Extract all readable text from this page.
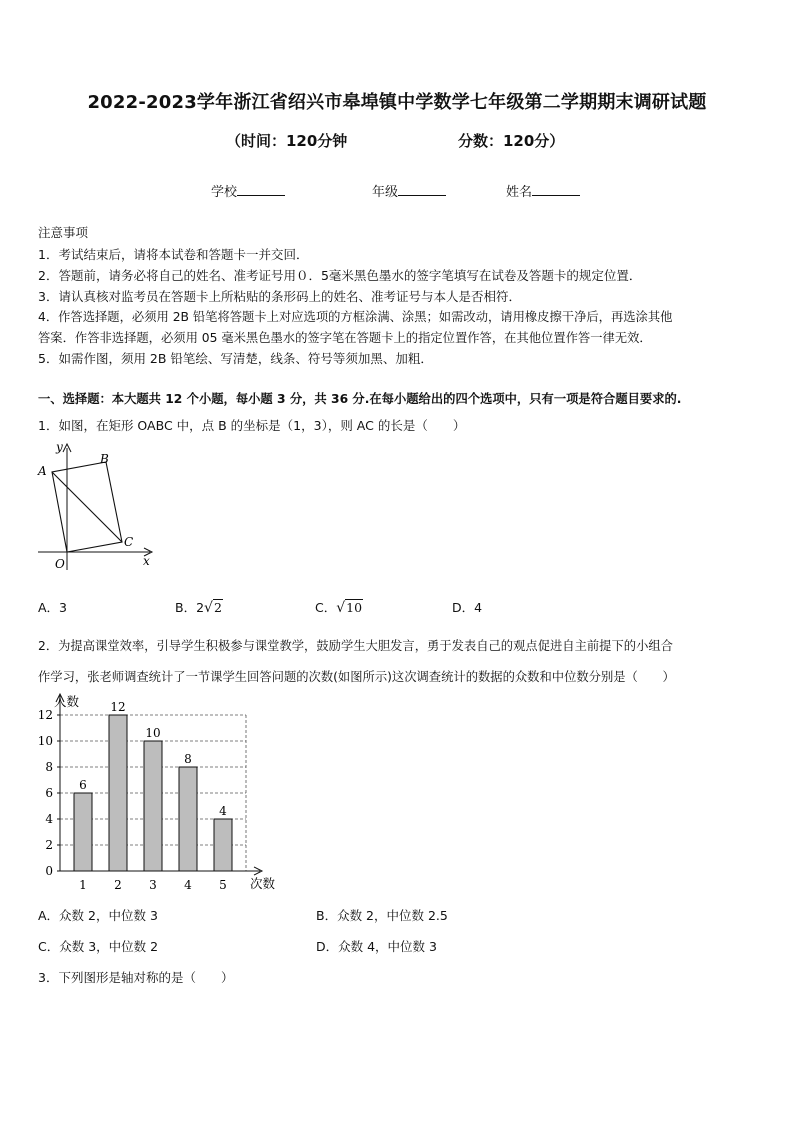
2022-2023学年浙江省绍兴市皋埠镇中学数学七年级第二学期期末调研试题
（时间：120分钟	分数：120分）
学校	年级	姓名
注意事项
1．考试结束后，请将本试卷和答题卡一并交回．
2．答题前，请务必将自己的姓名、准考证号用０．5毫米黑色墨水的签字笔填写在试卷及答题卡的规定位置．
3．请认真核对监考员在答题卡上所粘贴的条形码上的姓名、准考证号与本人是否相符．
4．作答选择题，必须用 2B 铅笔将答题卡上对应选项的方框涂满、涂黑；如需改动，请用橡皮擦干净后，再选涂其他
答案．作答非选择题，必须用 05 毫米黑色墨水的签字笔在答题卡上的指定位置作答，在其他位置作答一律无效．
5．如需作图，须用 2B 铅笔绘、写清楚，线条、符号等须加黑、加粗．
一、选择题：本大题共 12 个小题，每小题 3 分，共 36 分.在每小题给出的四个选项中，只有一项是符合题目要求的.
1．如图，在矩形 OABC 中，点 B 的坐标是（1，3），则 AC 的长是（　　）
y
x
O
A
B
C
A．3	B．2√2	C．√10	D．4
2．为提高课堂效率，引导学生积极参与课堂教学，鼓励学生大胆发言，勇于发表自己的观点促进自主前提下的小组合
作学习，张老师调查统计了一节课学生回答问题的次数(如图所示)这次调查统计的数据的众数和中位数分别是（　　）
0
2
4
6
8
10
12
6
1
12
2
10
3
8
4
4
5
人数
次数
A．众数 2，中位数 3	B．众数 2，中位数 2.5
C．众数 3，中位数 2	D．众数 4，中位数 3
3．下列图形是轴对称的是（　　）
